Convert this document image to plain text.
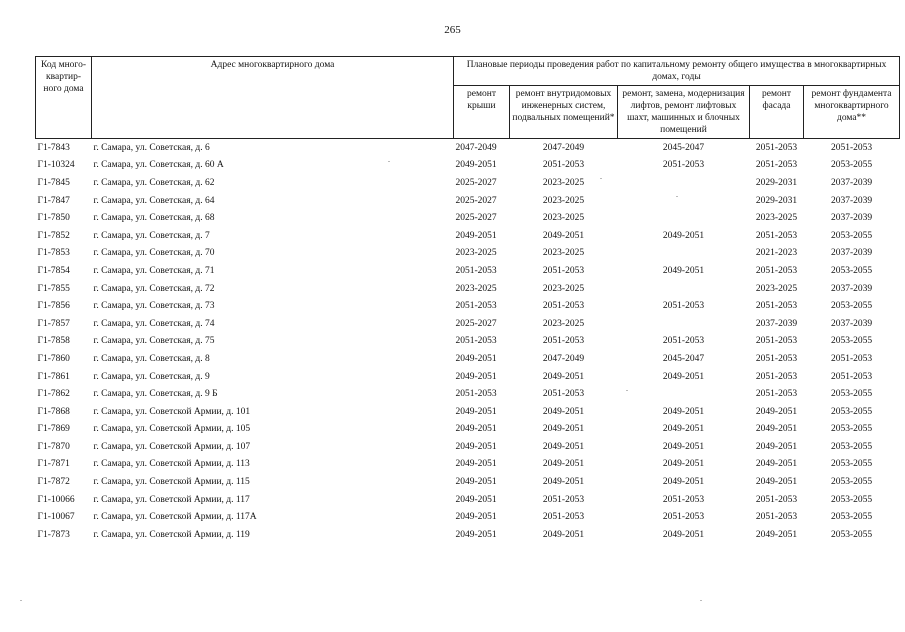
265
Код много-квартир-ного дома	Адрес многоквартирного дома	Плановые периоды проведения работ по капитальному ремонту общего имущества в многоквартирных домах, годы				
		ремонт крыши	ремонт внутридомовых инженерных систем, подвальных помещений*	ремонт, замена, модернизация лифтов, ремонт лифтовых шахт, машинных и блочных помещений	ремонт фасада	ремонт фундамента многоквартирного дома**
Г1-7843	г. Самара, ул. Советская, д. 6	2047-2049	2047-2049	2045-2047	2051-2053	2051-2053
Г1-10324	г. Самара, ул. Советская, д. 60 А	2049-2051	2051-2053	2051-2053	2051-2053	2053-2055
Г1-7845	г. Самара, ул. Советская, д. 62	2025-2027	2023-2025		2029-2031	2037-2039
Г1-7847	г. Самара, ул. Советская, д. 64	2025-2027	2023-2025		2029-2031	2037-2039
Г1-7850	г. Самара, ул. Советская, д. 68	2025-2027	2023-2025		2023-2025	2037-2039
Г1-7852	г. Самара, ул. Советская, д. 7	2049-2051	2049-2051	2049-2051	2051-2053	2053-2055
Г1-7853	г. Самара, ул. Советская, д. 70	2023-2025	2023-2025		2021-2023	2037-2039
Г1-7854	г. Самара, ул. Советская, д. 71	2051-2053	2051-2053	2049-2051	2051-2053	2053-2055
Г1-7855	г. Самара, ул. Советская, д. 72	2023-2025	2023-2025		2023-2025	2037-2039
Г1-7856	г. Самара, ул. Советская, д. 73	2051-2053	2051-2053	2051-2053	2051-2053	2053-2055
Г1-7857	г. Самара, ул. Советская, д. 74	2025-2027	2023-2025		2037-2039	2037-2039
Г1-7858	г. Самара, ул. Советская, д. 75	2051-2053	2051-2053	2051-2053	2051-2053	2053-2055
Г1-7860	г. Самара, ул. Советская, д. 8	2049-2051	2047-2049	2045-2047	2051-2053	2051-2053
Г1-7861	г. Самара, ул. Советская, д. 9	2049-2051	2049-2051	2049-2051	2051-2053	2051-2053
Г1-7862	г. Самара, ул. Советская, д. 9 Б	2051-2053	2051-2053		2051-2053	2053-2055
Г1-7868	г. Самара, ул. Советской Армии, д. 101	2049-2051	2049-2051	2049-2051	2049-2051	2053-2055
Г1-7869	г. Самара, ул. Советской Армии, д. 105	2049-2051	2049-2051	2049-2051	2049-2051	2053-2055
Г1-7870	г. Самара, ул. Советской Армии, д. 107	2049-2051	2049-2051	2049-2051	2049-2051	2053-2055
Г1-7871	г. Самара, ул. Советской Армии, д. 113	2049-2051	2049-2051	2049-2051	2049-2051	2053-2055
Г1-7872	г. Самара, ул. Советской Армии, д. 115	2049-2051	2049-2051	2049-2051	2049-2051	2053-2055
Г1-10066	г. Самара, ул. Советской Армии, д. 117	2049-2051	2051-2053	2051-2053	2051-2053	2053-2055
Г1-10067	г. Самара, ул. Советской Армии, д. 117А	2049-2051	2051-2053	2051-2053	2051-2053	2053-2055
Г1-7873	г. Самара, ул. Советской Армии, д. 119	2049-2051	2049-2051	2049-2051	2049-2051	2053-2055
